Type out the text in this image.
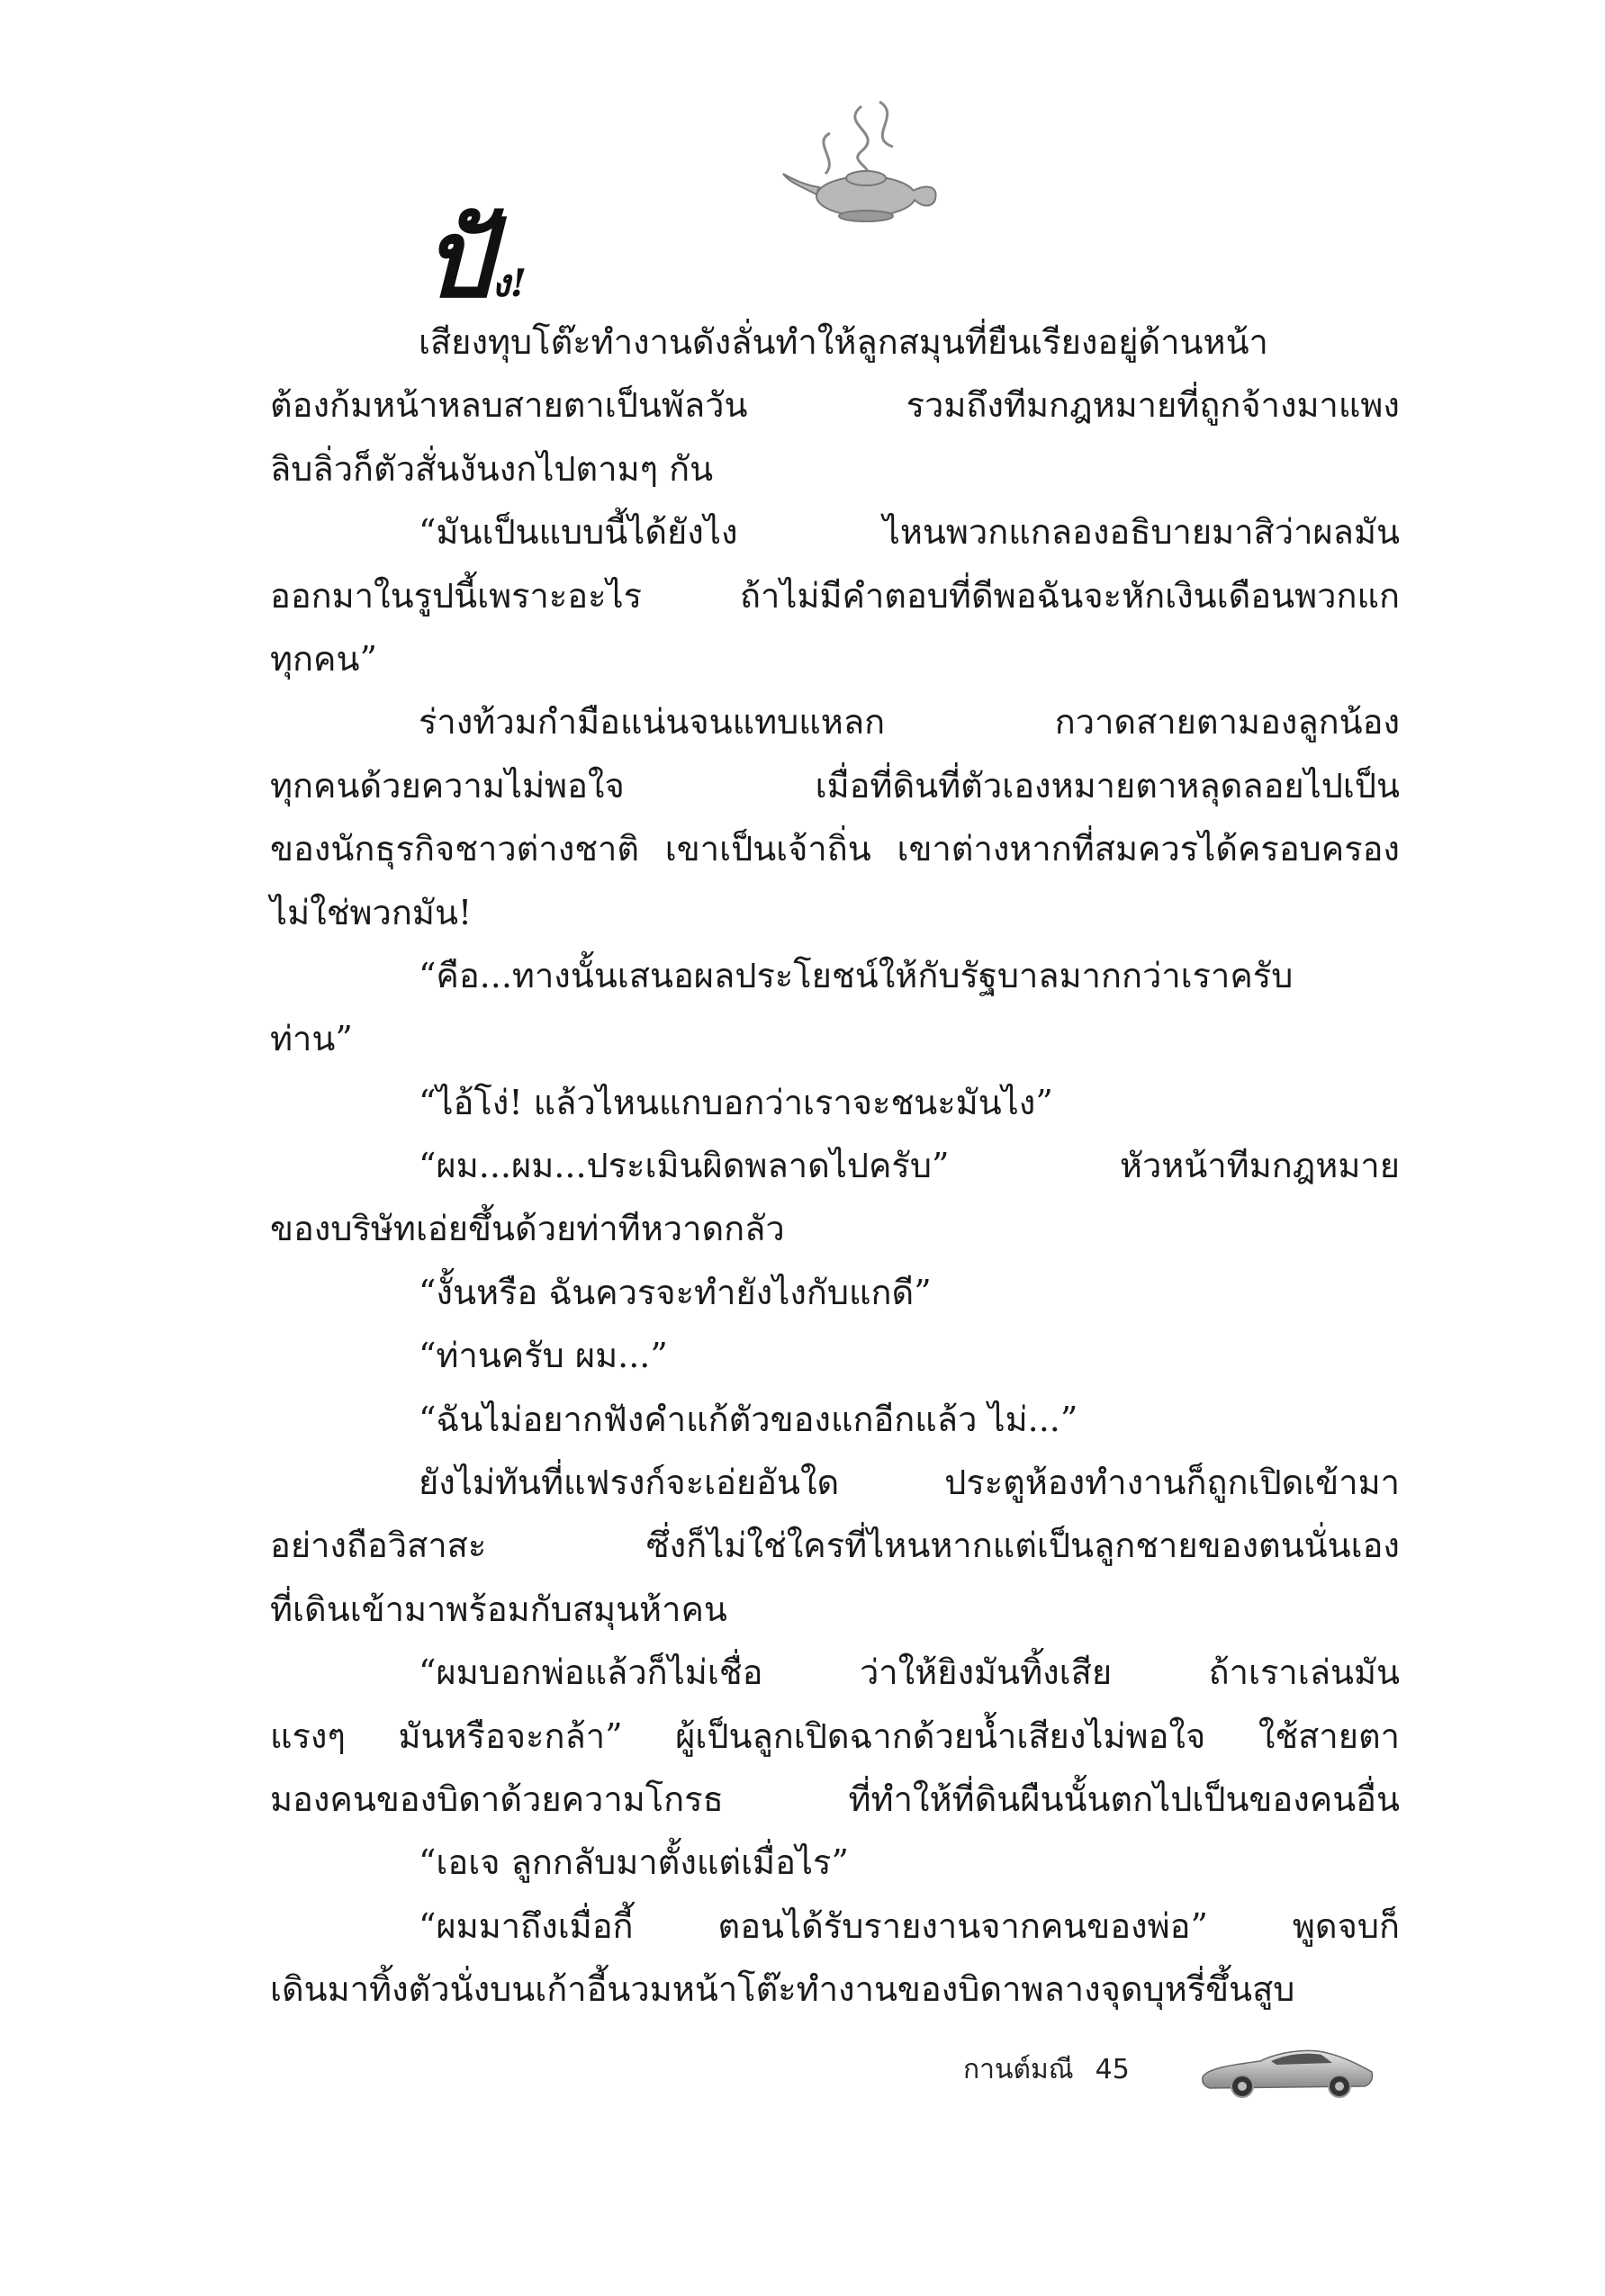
ปัง!
เสียงทุบโต๊ะทำงานดังลั่นทำให้ลูกสมุนที่ยืนเรียงอยู่ด้านหน้า
ต้องก้มหน้าหลบสายตาเป็นพัลวัน รวมถึงทีมกฎหมายที่ถูกจ้างมาแพง
ลิบลิ่วก็ตัวสั่นงันงกไปตามๆ กัน
“มันเป็นแบบนี้ได้ยังไง ไหนพวกแกลองอธิบายมาสิว่าผลมัน
ออกมาในรูปนี้เพราะอะไร ถ้าไม่มีคำตอบที่ดีพอฉันจะหักเงินเดือนพวกแก
ทุกคน”
ร่างท้วมกำมือแน่นจนแทบแหลก กวาดสายตามองลูกน้อง
ทุกคนด้วยความไม่พอใจ เมื่อที่ดินที่ตัวเองหมายตาหลุดลอยไปเป็น
ของนักธุรกิจชาวต่างชาติ เขาเป็นเจ้าถิ่น เขาต่างหากที่สมควรได้ครอบครอง
ไม่ใช่พวกมัน!
“คือ...ทางนั้นเสนอผลประโยชน์ให้กับรัฐบาลมากกว่าเราครับ
ท่าน”
“ไอ้โง่! แล้วไหนแกบอกว่าเราจะชนะมันไง”
“ผม...ผม...ประเมินผิดพลาดไปครับ” หัวหน้าทีมกฎหมาย
ของบริษัทเอ่ยขึ้นด้วยท่าทีหวาดกลัว
“งั้นหรือ ฉันควรจะทำยังไงกับแกดี”
“ท่านครับ ผม...”
“ฉันไม่อยากฟังคำแก้ตัวของแกอีกแล้ว ไม่...”
ยังไม่ทันที่แฟรงก์จะเอ่ยอันใด ประตูห้องทำงานก็ถูกเปิดเข้ามา
อย่างถือวิสาสะ ซึ่งก็ไม่ใช่ใครที่ไหนหากแต่เป็นลูกชายของตนนั่นเอง
ที่เดินเข้ามาพร้อมกับสมุนห้าคน
“ผมบอกพ่อแล้วก็ไม่เชื่อ ว่าให้ยิงมันทิ้งเสีย ถ้าเราเล่นมัน
แรงๆ มันหรือจะกล้า” ผู้เป็นลูกเปิดฉากด้วยน้ำเสียงไม่พอใจ ใช้สายตา
มองคนของบิดาด้วยความโกรธ ที่ทำให้ที่ดินผืนนั้นตกไปเป็นของคนอื่น
“เอเจ ลูกกลับมาตั้งแต่เมื่อไร”
“ผมมาถึงเมื่อกี้ ตอนได้รับรายงานจากคนของพ่อ” พูดจบก็
เดินมาทิ้งตัวนั่งบนเก้าอี้นวมหน้าโต๊ะทำงานของบิดาพลางจุดบุหรี่ขึ้นสูบ
กานต์มณี 45
